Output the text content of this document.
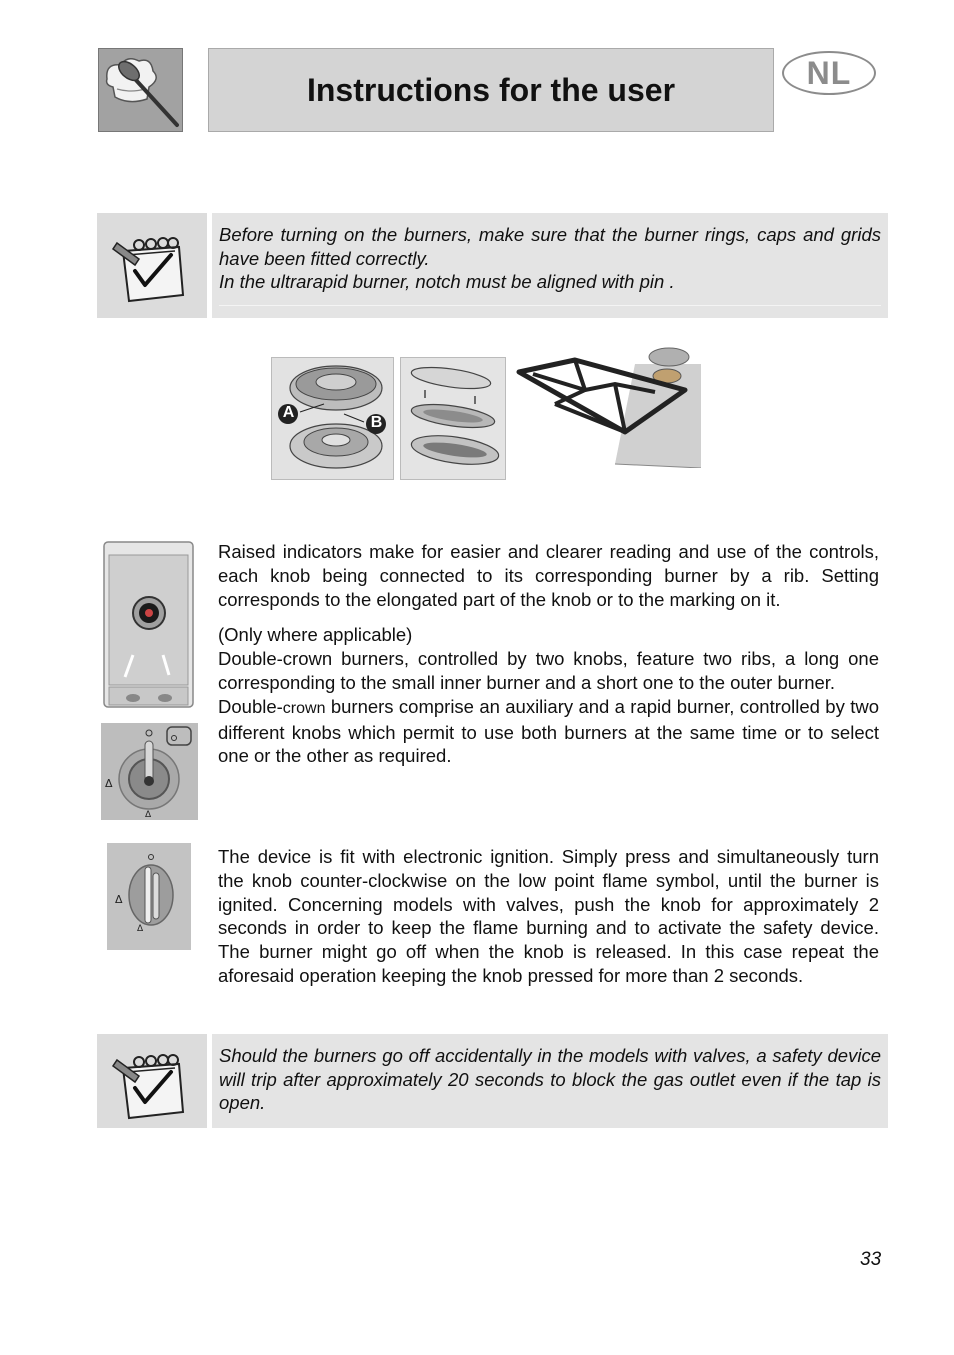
Instructions for the user	NL

Before turning on the burners, make sure that the burner rings, caps and grids have been fitted correctly.

In the ultrarapid burner, notch must be aligned with pin .

A
B
Δ
Δ

Raised indicators make for easier and clearer reading and use of the controls, each knob being connected to its corresponding burner by a rib. Setting corresponds to the elongated part of the knob or to the marking on it.

(Only where applicable)

Double-crown burners, controlled by two knobs, feature two ribs, a long one corresponding to the small inner burner and a short one to the outer burner.

Double-crown burners comprise an auxiliary and a rapid burner, controlled by two different knobs which permit to use both burners at the same time or to select one or the other as required.

Δ
Δ

The device is fit with electronic ignition. Simply press and simultaneously turn the knob counter-clockwise on the low point flame symbol, until the burner is ignited. Concerning models with valves, push the knob for approximately 2 seconds in order to keep the flame burning and to activate the safety device. The burner might go off when the knob is released. In this case repeat the aforesaid operation keeping the knob pressed for more than 2 seconds.

Should the burners go off accidentally in the models with valves, a safety device will trip after approximately 20 seconds to block the gas outlet even if the tap is open.
33
